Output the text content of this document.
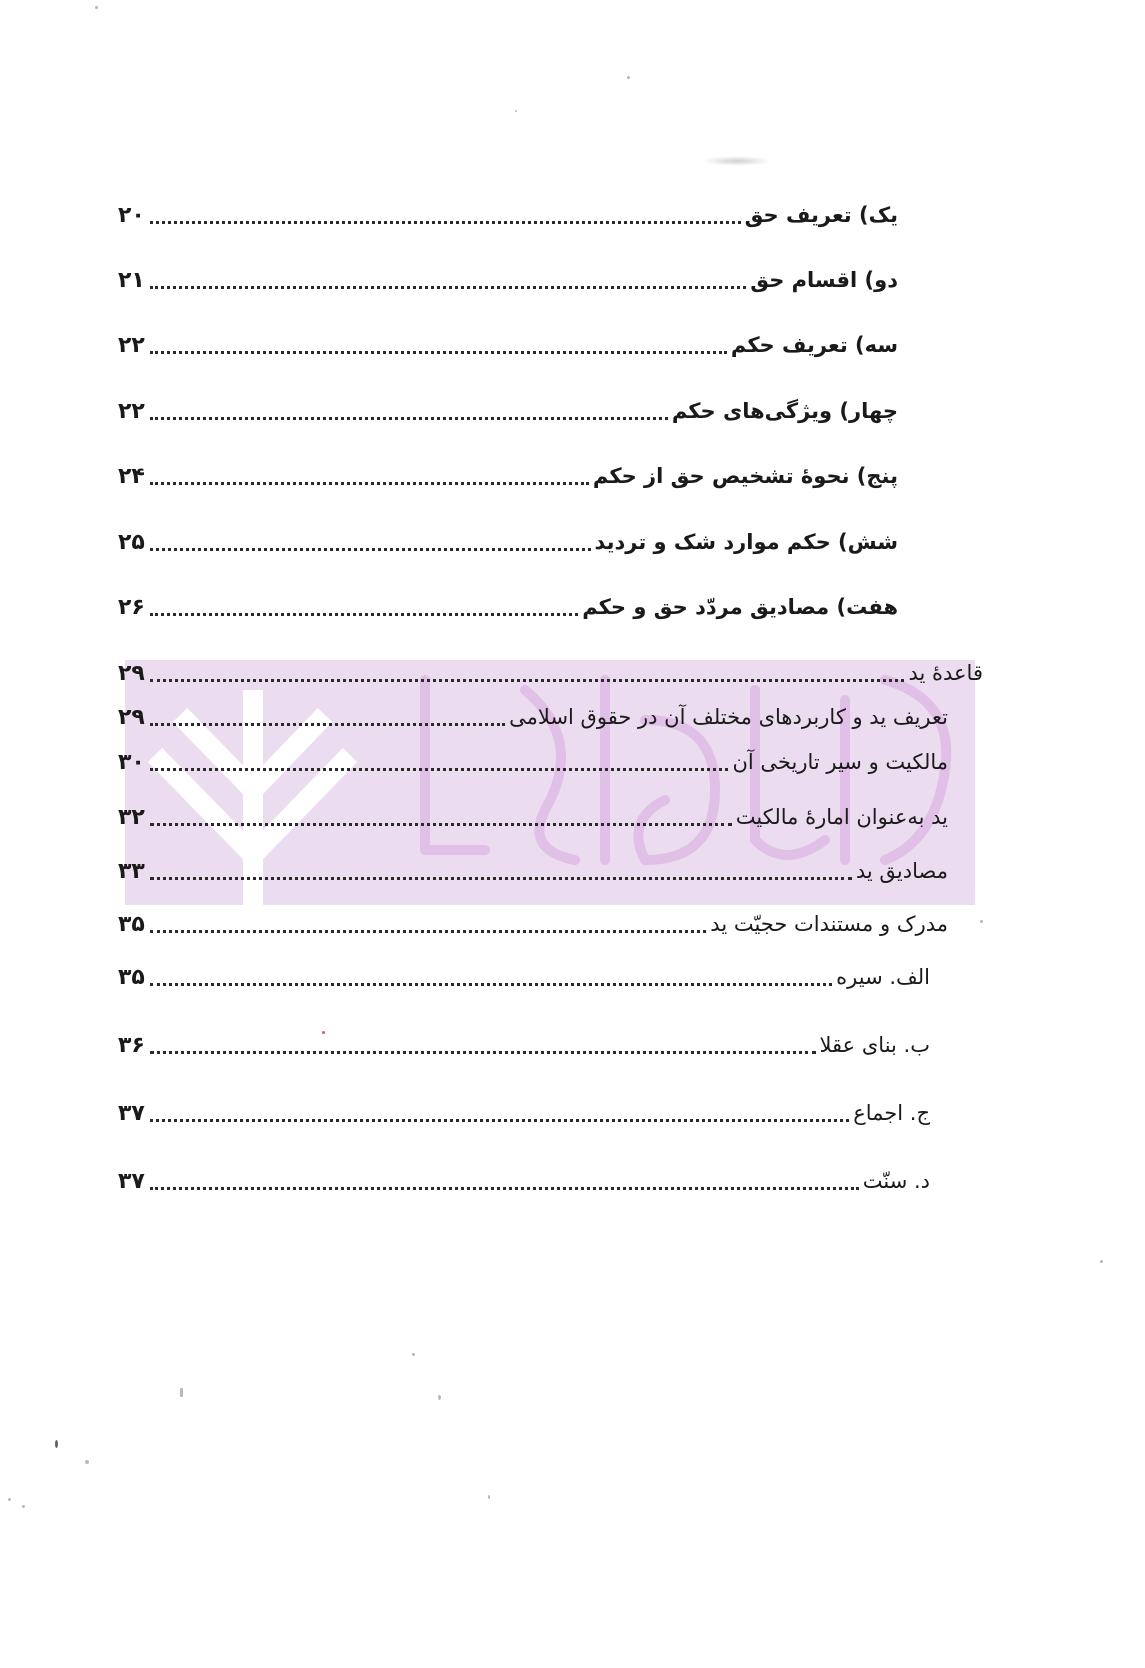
۲۰	یک) تعریف حق
۲۱	دو) اقسام حق
۲۲	سه) تعریف حکم
۲۲	چهار) ویژگی‌های حکم
۲۴	پنج) نحوهٔ تشخیص حق از حکم
۲۵	شش) حکم موارد شک و تردید
۲۶	هفت) مصادیق مردّد حق و حکم
۲۹	قاعدهٔ ید
۲۹	تعریف ید و کاربردهای مختلف آن در حقوق اسلامی
۳۰	مالکیت و سیر تاریخی آن
۳۲	ید به‌عنوان امارهٔ مالکیت
۳۳	مصادیق ید
۳۵	مدرک و مستندات حجیّت ید
۳۵	الف. سیره
۳۶	ب. بنای عقلا
۳۷	ج. اجماع
۳۷	د. سنّت
